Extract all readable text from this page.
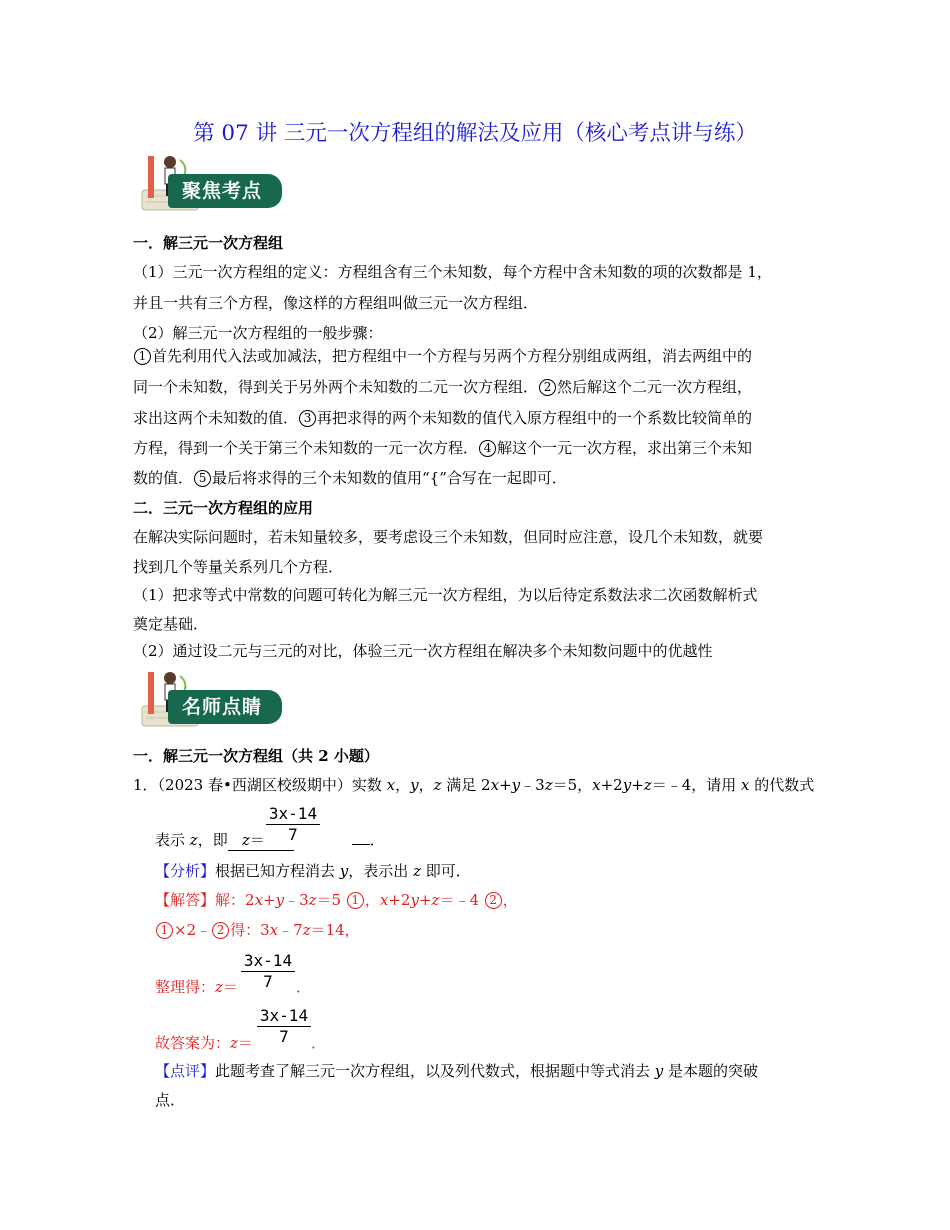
第 07 讲 三元一次方程组的解法及应用（核心考点讲与练）
聚焦考点
一．解三元一次方程组
（1）三元一次方程组的定义：方程组含有三个未知数，每个方程中含未知数的项的次数都是 1，
并且一共有三个方程，像这样的方程组叫做三元一次方程组．
（2）解三元一次方程组的一般步骤：
1 首先利用代入法或加减法，把方程组中一个方程与另两个方程分别组成两组，消去两组中的
同一个未知数，得到关于另外两个未知数的二元一次方程组． 2 然后解这个二元一次方程组，
求出这两个未知数的值． 3 再把求得的两个未知数的值代入原方程组中的一个系数比较简单的
方程，得到一个关于第三个未知数的一元一次方程． 4 解这个一元一次方程，求出第三个未知
数的值． 5 最后将求得的三个未知数的值用“{”合写在一起即可．
二．三元一次方程组的应用
在解决实际问题时，若未知量较多，要考虑设三个未知数，但同时应注意，设几个未知数，就要
找到几个等量关系列几个方程．
（1）把求等式中常数的问题可转化为解三元一次方程组，为以后待定系数法求二次函数解析式
奠定基础．
（2）通过设二元与三元的对比，体验三元一次方程组在解决多个未知数问题中的优越性
名师点睛
一．解三元一次方程组（共 2 小题）
1．（2023 春•西湖区校级期中）实数 x，y，z 满足 2x+y﹣3z＝5，x+2y+z＝﹣4，请用 x 的代数式
表示 z，即 z＝	．
$\frac{3x-14}{7}$
【分析】根据已知方程消去 y，表示出 z 即可．
【解答】解：2x+y﹣3z＝5 1 ，x+2y+z＝﹣4 2 ，
1 ×2﹣ 2 得：3x﹣7z＝14，
整理得：z＝	．
$\frac{3x-14}{7}$
故答案为：z＝	．
$\frac{3x-14}{7}$
【点评】此题考查了解三元一次方程组，以及列代数式，根据题中等式消去 y 是本题的突破
点．
